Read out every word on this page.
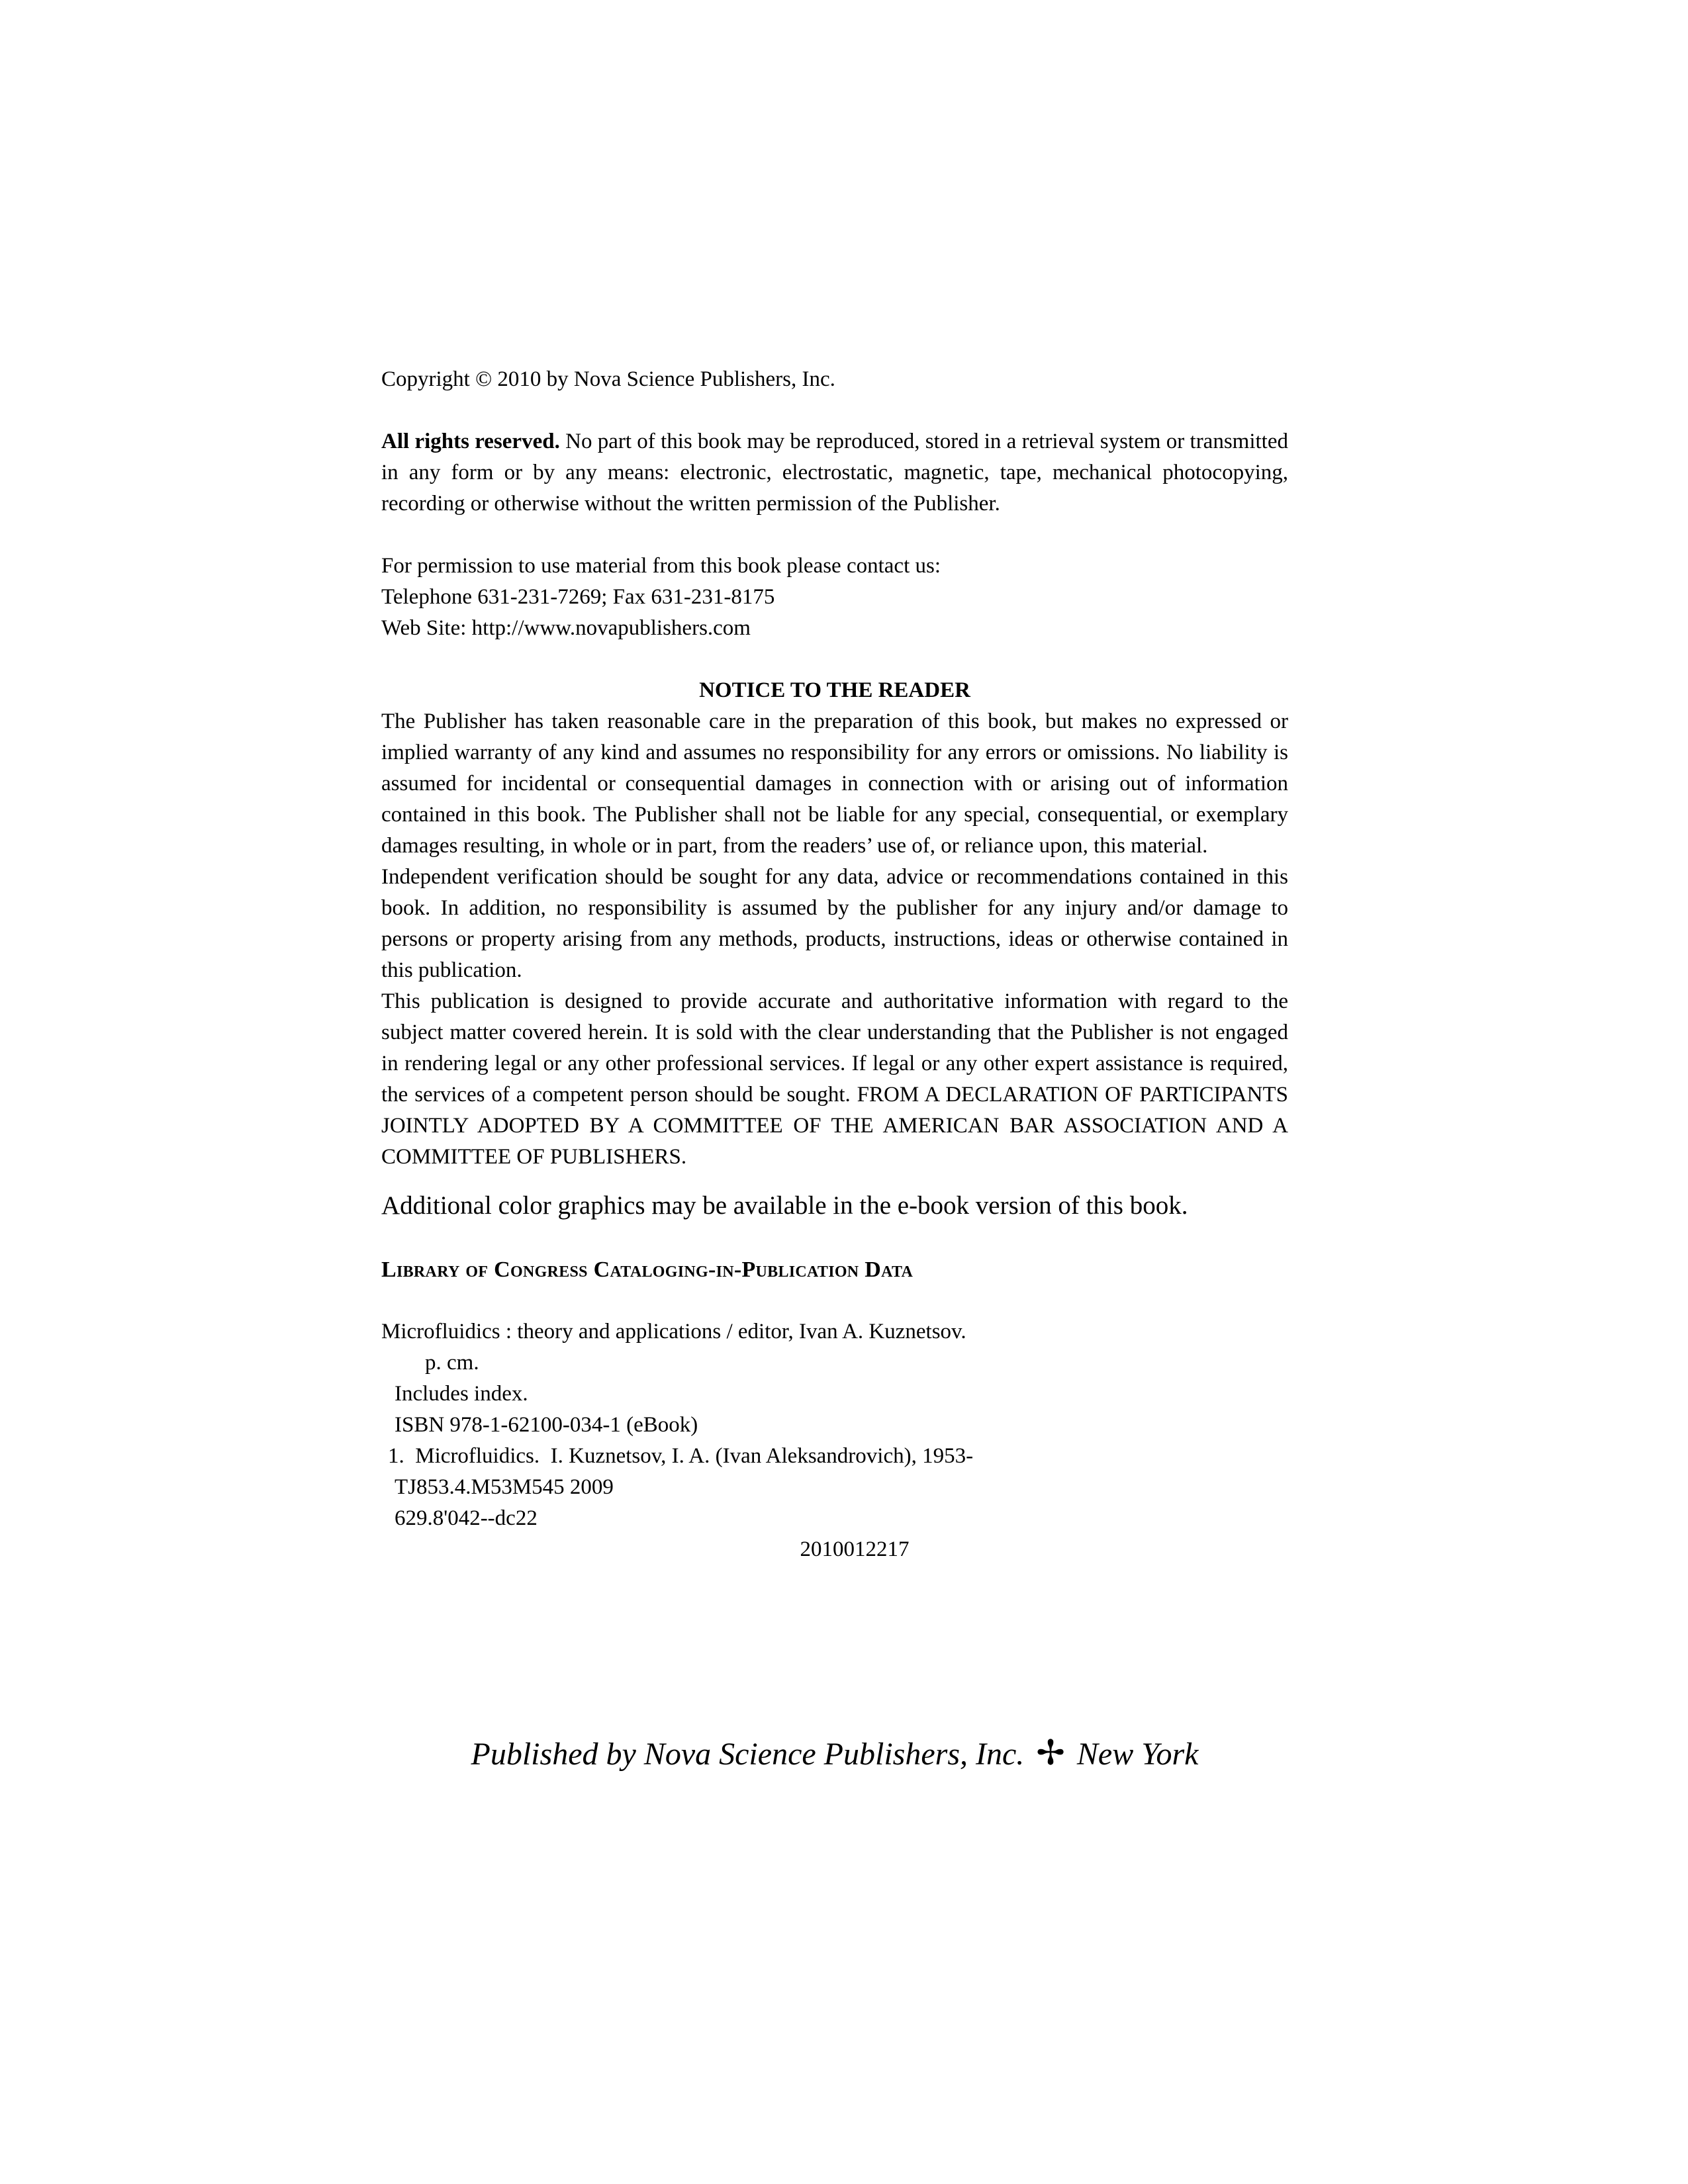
Copyright © 2010 by Nova Science Publishers, Inc.

All rights reserved. No part of this book may be reproduced, stored in a retrieval system or transmitted in any form or by any means: electronic, electrostatic, magnetic, tape, mechanical photocopying, recording or otherwise without the written permission of the Publisher.

For permission to use material from this book please contact us:

Telephone 631-231-7269; Fax 631-231-8175

Web Site: http://www.novapublishers.com

NOTICE TO THE READER

The Publisher has taken reasonable care in the preparation of this book, but makes no expressed or implied warranty of any kind and assumes no responsibility for any errors or omissions. No liability is assumed for incidental or consequential damages in connection with or arising out of information contained in this book. The Publisher shall not be liable for any special, consequential, or exemplary damages resulting, in whole or in part, from the readers’ use of, or reliance upon, this material.

Independent verification should be sought for any data, advice or recommendations contained in this book. In addition, no responsibility is assumed by the publisher for any injury and/or damage to persons or property arising from any methods, products, instructions, ideas or otherwise contained in this publication.

This publication is designed to provide accurate and authoritative information with regard to the subject matter covered herein. It is sold with the clear understanding that the Publisher is not engaged in rendering legal or any other professional services. If legal or any other expert assistance is required, the services of a competent person should be sought. FROM A DECLARATION OF PARTICIPANTS JOINTLY ADOPTED BY A COMMITTEE OF THE AMERICAN BAR ASSOCIATION AND A COMMITTEE OF PUBLISHERS.

Additional color graphics may be available in the e-book version of this book.

Library of Congress Cataloging-in-Publication Data

Microfluidics : theory and applications / editor, Ivan A. Kuznetsov.

p. cm.

Includes index.

ISBN 978-1-62100-034-1 (eBook)

1.  Microfluidics.  I. Kuznetsov, I. A. (Ivan Aleksandrovich), 1953-

TJ853.4.M53M545 2009

629.8'042--dc22

2010012217

Published by Nova Science Publishers, Inc. ✢ New York
